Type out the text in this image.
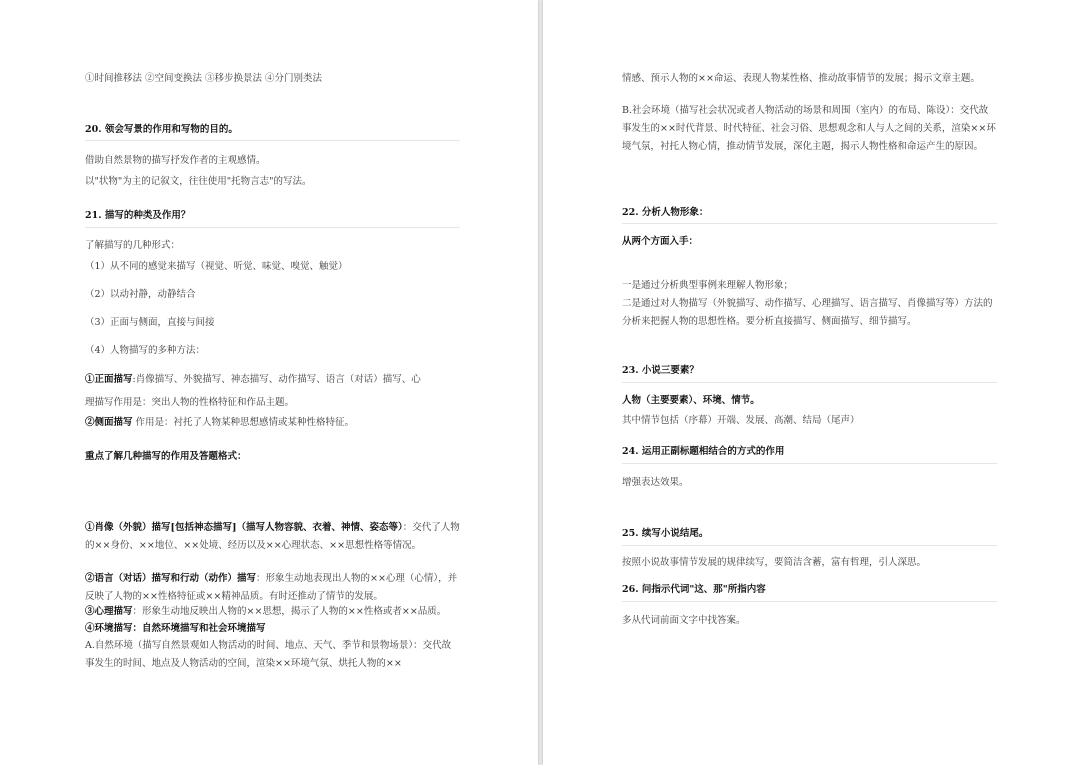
①时间推移法 ②空间变换法 ③移步换景法 ④分门别类法
20. 领会写景的作用和写物的目的。
借助自然景物的描写抒发作者的主观感情。
以"状物"为主的记叙文，往往使用"托物言志"的写法。
21. 描写的种类及作用？
了解描写的几种形式：
（1）从不同的感觉来描写（视觉、听觉、味觉、嗅觉、触觉）
（2）以动衬静，动静结合
（3）正面与侧面，直接与间接
（4）人物描写的多种方法：
①正面描写:肖像描写、外貌描写、神态描写、动作描写、语言（对话）描写、心
理描写作用是：突出人物的性格特征和作品主题。
②侧面描写 作用是：衬托了人物某种思想感情或某种性格特征。
重点了解几种描写的作用及答题格式：
①肖像（外貌）描写[包括神态描写]（描写人物容貌、衣着、神情、姿态等）：交代了人物的××身份、××地位、××处境、经历以及××心理状态、××思想性格等情况。
②语言（对话）描写和行动（动作）描写：形象生动地表现出人物的××心理（心情），并反映了人物的××性格特征或××精神品质。有时还推动了情节的发展。
③心理描写：形象生动地反映出人物的××思想，揭示了人物的××性格或者××品质。
④环境描写：自然环境描写和社会环境描写
A.自然环境（描写自然景观如人物活动的时间、地点、天气、季节和景物场景）：交代故事发生的时间、地点及人物活动的空间，渲染××环境气氛、烘托人物的××
情感、预示人物的××命运、表现人物某性格、推动故事情节的发展；揭示文章主题。
B.社会环境（描写社会状况或者人物活动的场景和周围（室内）的布局、陈设）：交代故事发生的××时代背景、时代特征、社会习俗、思想观念和人与人之间的关系，渲染××环境气氛，衬托人物心情，推动情节发展，深化主题，揭示人物性格和命运产生的原因。
22. 分析人物形象：
从两个方面入手：
一是通过分析典型事例来理解人物形象；
二是通过对人物描写（外貌描写、动作描写、心理描写、语言描写、肖像描写等）方法的分析来把握人物的思想性格。要分析直接描写、侧面描写、细节描写。
23. 小说三要素？
人物（主要要素）、环境、情节。
其中情节包括（序幕）开端、发展、高潮、结局（尾声）
24. 运用正副标题相结合的方式的作用
增强表达效果。
25. 续写小说结尾。
按照小说故事情节发展的规律续写，要简洁含蓄，富有哲理，引人深思。
26. 问指示代词"这、那"所指内容
多从代词前面文字中找答案。
